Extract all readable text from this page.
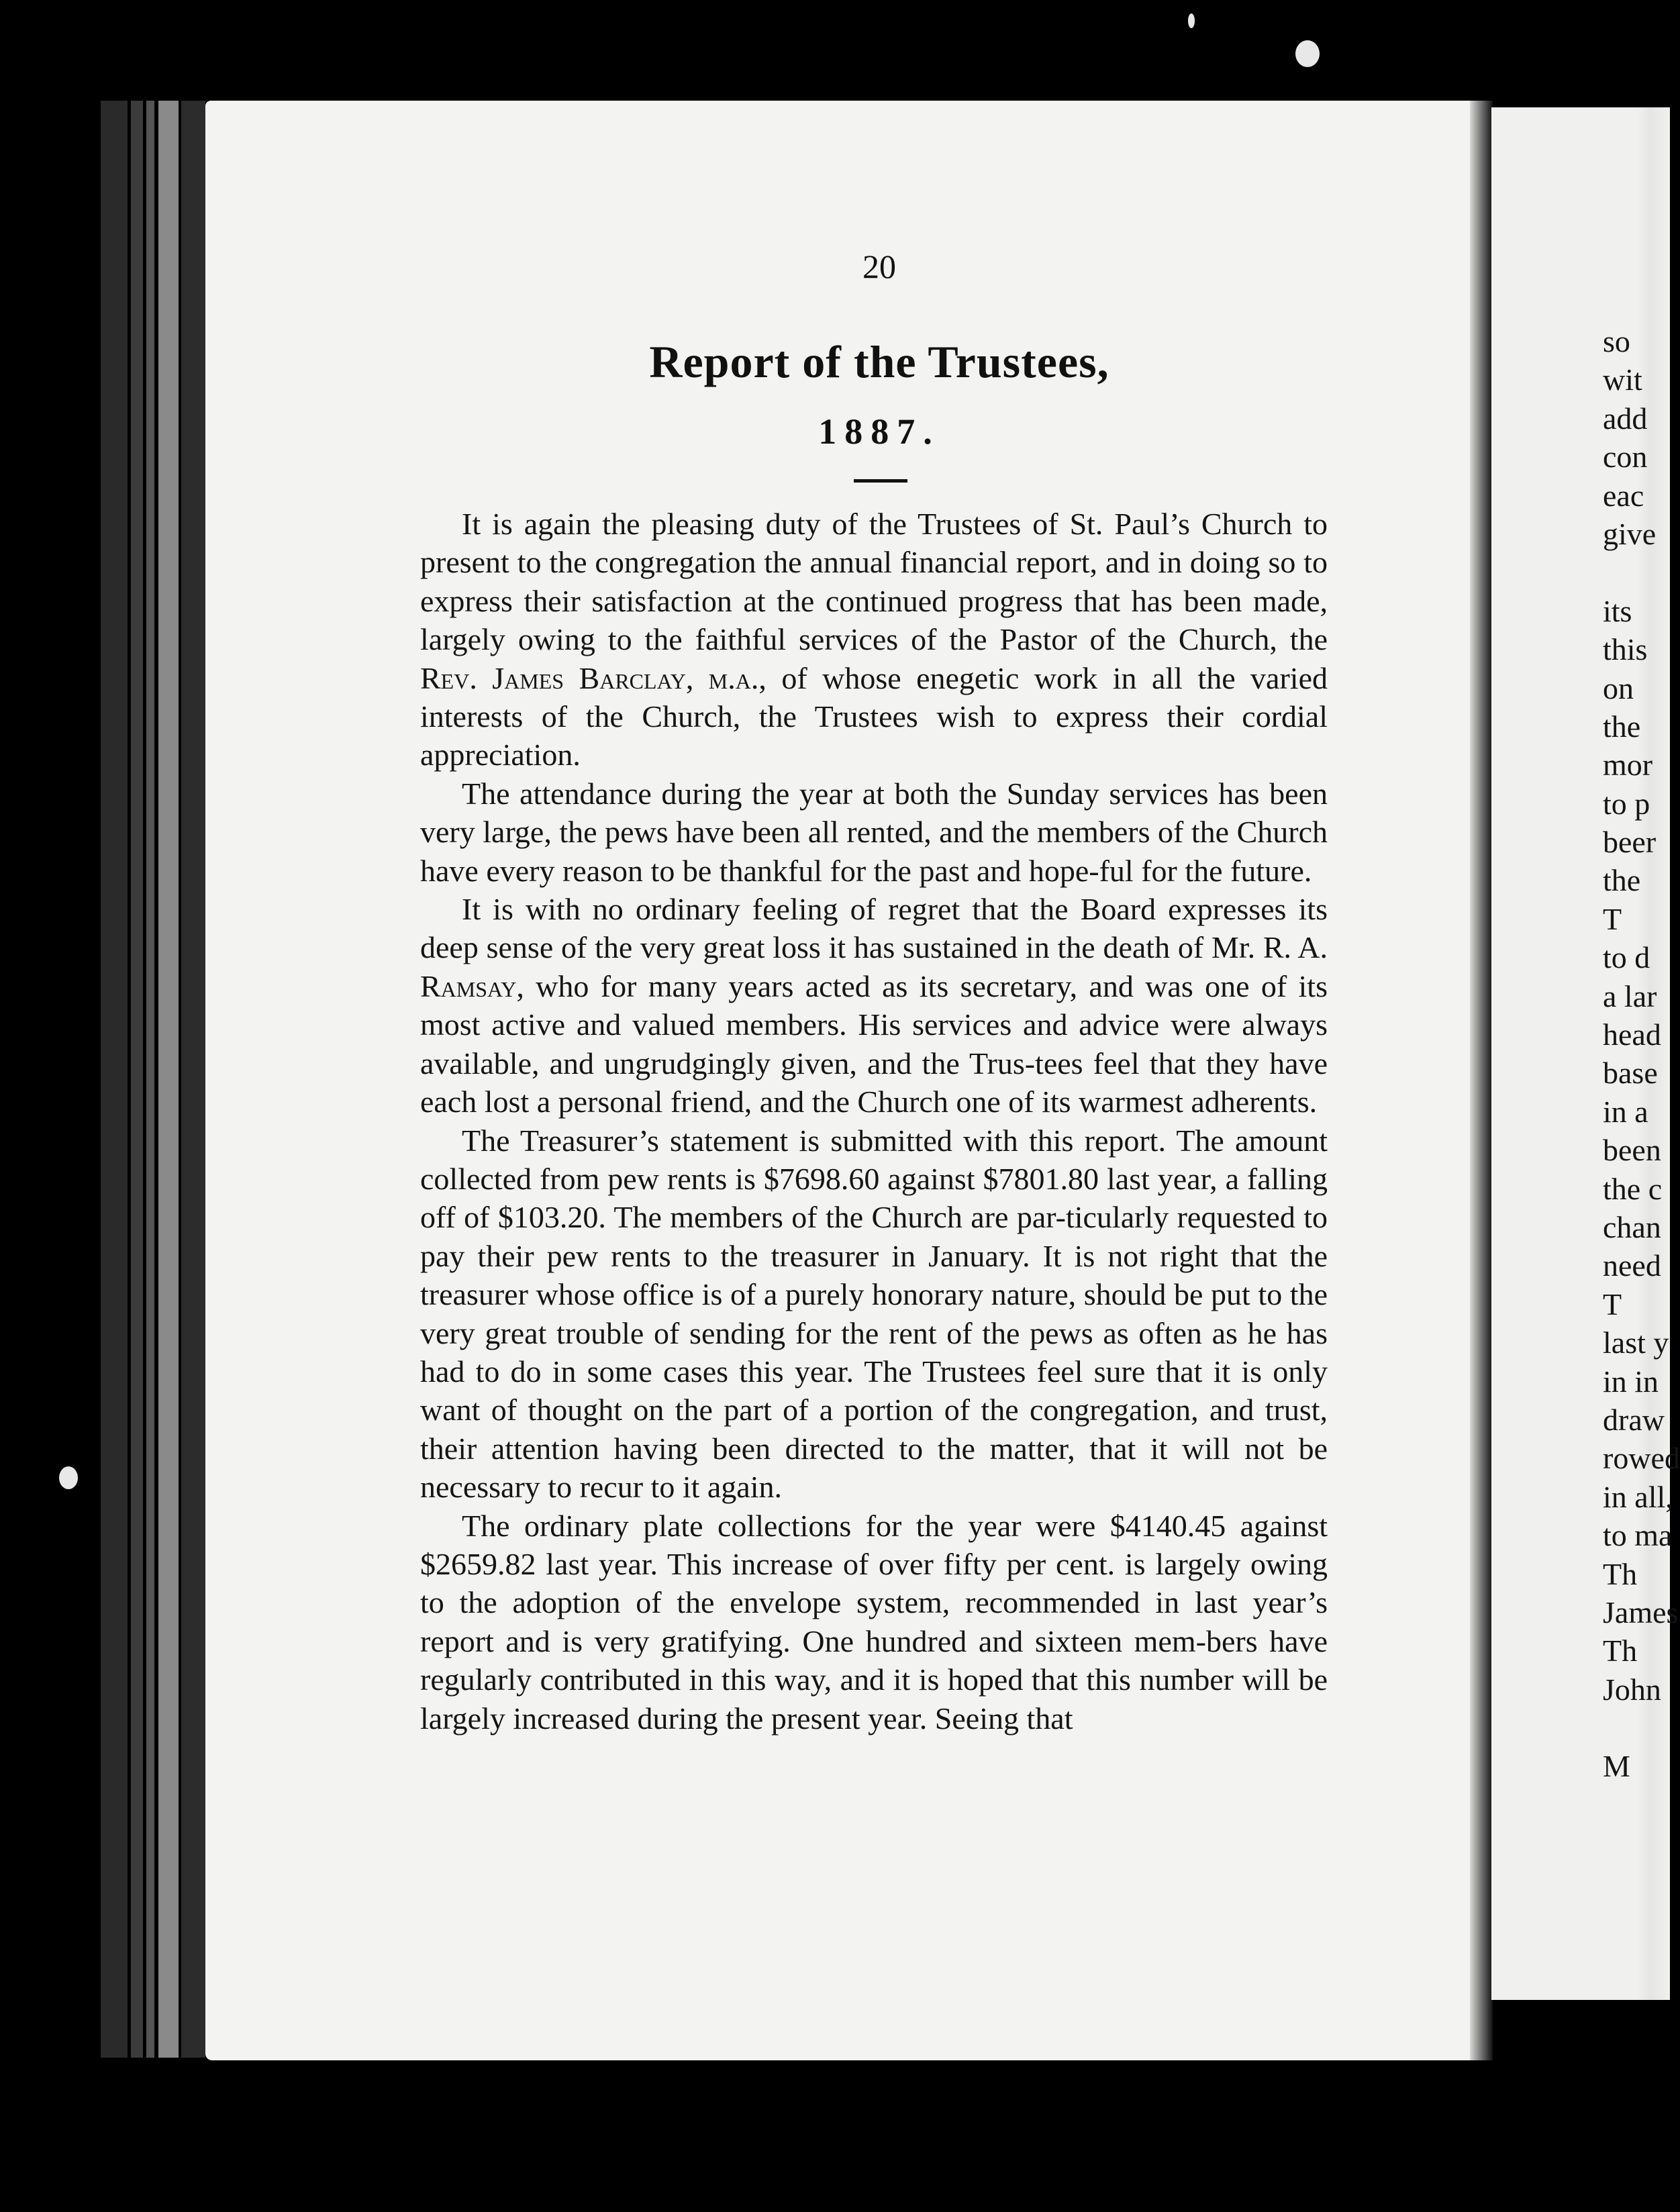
20
Report of the Trustees,
1887.

It is again the pleasing duty of the Trustees of St. Paul’s Church to present to the congregation the annual financial report, and in doing so to express their satisfaction at the continued progress that has been made, largely owing to the faithful services of the Pastor of the Church, the Rev. James Barclay, m.a., of whose enegetic work in all the varied interests of the Church, the Trustees wish to express their cordial appreciation.

The attendance during the year at both the Sunday services has been very large, the pews have been all rented, and the members of the Church have every reason to be thankful for the past and hope-ful for the future.

It is with no ordinary feeling of regret that the Board expresses its deep sense of the very great loss it has sustained in the death of Mr. R. A. Ramsay, who for many years acted as its secretary, and was one of its most active and valued members. His services and advice were always available, and ungrudgingly given, and the Trus-tees feel that they have each lost a personal friend, and the Church one of its warmest adherents.

The Treasurer’s statement is submitted with this report. The amount collected from pew rents is $7698.60 against $7801.80 last year, a falling off of $103.20. The members of the Church are par-ticularly requested to pay their pew rents to the treasurer in January. It is not right that the treasurer whose office is of a purely honorary nature, should be put to the very great trouble of sending for the rent of the pews as often as he has had to do in some cases this year. The Trustees feel sure that it is only want of thought on the part of a portion of the congregation, and trust, their attention having been directed to the matter, that it will not be necessary to recur to it again.

The ordinary plate collections for the year were $4140.45 against $2659.82 last year. This increase of over fifty per cent. is largely owing to the adoption of the envelope system, recommended in last year’s report and is very gratifying. One hundred and sixteen mem-bers have regularly contributed in this way, and it is hoped that this number will be largely increased during the present year. Seeing that

so
wit
add
con
eac
give
its
this
on
the
mor
to p
beer
the
T
to d
a lar
head
base
in a
been
the c
chan
need
T
last y
in in
draw
rowed
in all,
to ma
Th
James
Th
John
M
